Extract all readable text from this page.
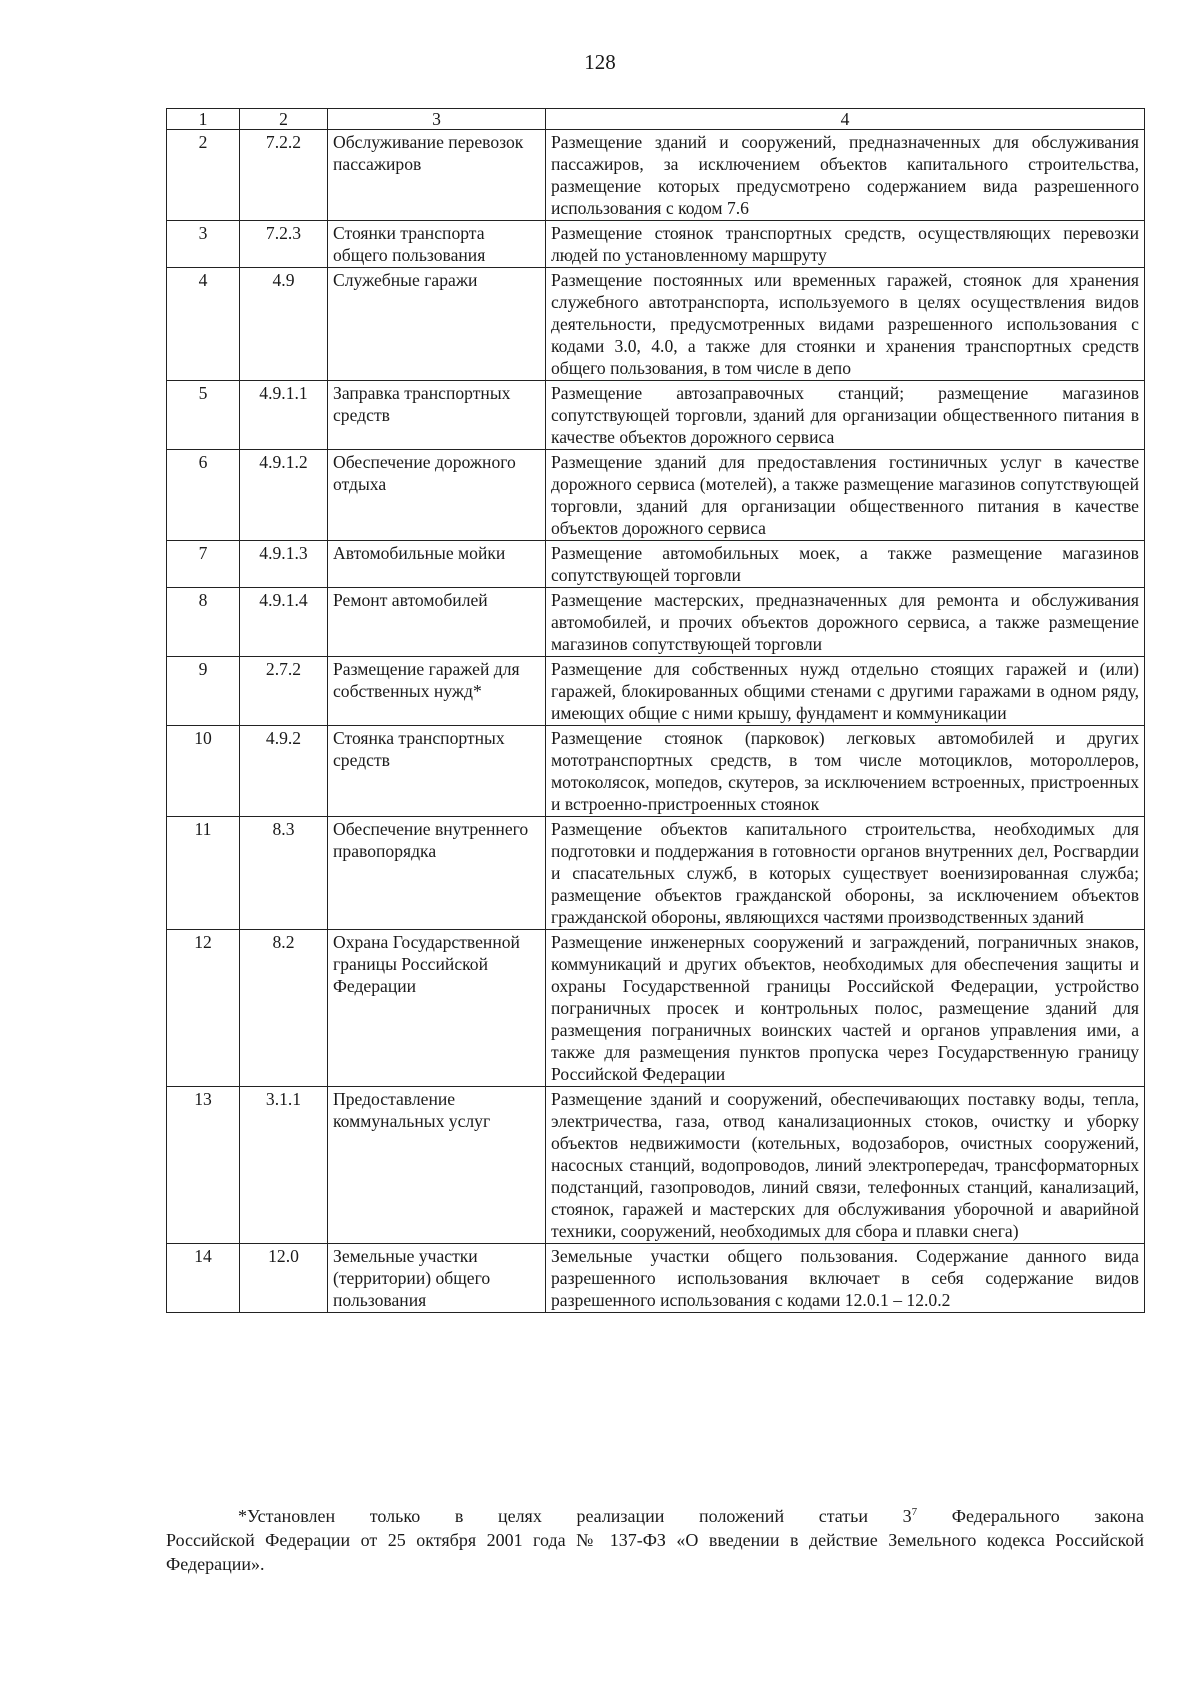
128
1	2	3	4
2	7.2.2	Обслуживание перевозок пассажиров	Размещение зданий и сооружений, предназначенных для обслуживания пассажиров, за исключением объектов капитального строительства, размещение которых предусмотрено содержанием вида разрешенного использования с кодом 7.6
3	7.2.3	Стоянки транспорта общего пользования	Размещение стоянок транспортных средств, осуществляющих перевозки людей по установленному маршруту
4	4.9	Служебные гаражи	Размещение постоянных или временных гаражей, стоянок для хранения служебного автотранспорта, используемого в целях осуществления видов деятельности, предусмотренных видами разрешенного использования с кодами 3.0, 4.0, а также для стоянки и хранения транспортных средств общего пользования, в том числе в депо
5	4.9.1.1	Заправка транспортных средств	Размещение автозаправочных станций; размещение магазинов сопутствующей торговли, зданий для организации общественного питания в качестве объектов дорожного сервиса
6	4.9.1.2	Обеспечение дорожного отдыха	Размещение зданий для предоставления гостиничных услуг в качестве дорожного сервиса (мотелей), а также размещение магазинов сопутствующей торговли, зданий для организации общественного питания в качестве объектов дорожного сервиса
7	4.9.1.3	Автомобильные мойки	Размещение автомобильных моек, а также размещение магазинов сопутствующей торговли
8	4.9.1.4	Ремонт автомобилей	Размещение мастерских, предназначенных для ремонта и обслуживания автомобилей, и прочих объектов дорожного сервиса, а также размещение магазинов сопутствующей торговли
9	2.7.2	Размещение гаражей для собственных нужд*	Размещение для собственных нужд отдельно стоящих гаражей и (или) гаражей, блокированных общими стенами с другими гаражами в одном ряду, имеющих общие с ними крышу, фундамент и коммуникации
10	4.9.2	Стоянка транспортных средств	Размещение стоянок (парковок) легковых автомобилей и других мототранспортных средств, в том числе мотоциклов, мотороллеров, мотоколясок, мопедов, скутеров, за исключением встроенных, пристроенных и встроенно-пристроенных стоянок
11	8.3	Обеспечение внутреннего правопорядка	Размещение объектов капитального строительства, необходимых для подготовки и поддержания в готовности органов внутренних дел, Росгвардии и спасательных служб, в которых существует военизированная служба; размещение объектов гражданской обороны, за исключением объектов гражданской обороны, являющихся частями производственных зданий
12	8.2	Охрана Государственной границы Российской Федерации	Размещение инженерных сооружений и заграждений, пограничных знаков, коммуникаций и других объектов, необходимых для обеспечения защиты и охраны Государственной границы Российской Федерации, устройство пограничных просек и контрольных полос, размещение зданий для размещения пограничных воинских частей и органов управления ими, а также для размещения пунктов пропуска через Государственную границу Российской Федерации
13	3.1.1	Предоставление коммунальных услуг	Размещение зданий и сооружений, обеспечивающих поставку воды, тепла, электричества, газа, отвод канализационных стоков, очистку и уборку объектов недвижимости (котельных, водозаборов, очистных сооружений, насосных станций, водопроводов, линий электропередач, трансформаторных подстанций, газопроводов, линий связи, телефонных станций, канализаций, стоянок, гаражей и мастерских для обслуживания уборочной и аварийной техники, сооружений, необходимых для сбора и плавки снега)
14	12.0	Земельные участки (территории) общего пользования	Земельные участки общего пользования. Содержание данного вида разрешенного использования включает в себя содержание видов разрешенного использования с кодами 12.0.1 – 12.0.2
*Установлен только в целях реализации положений статьи $3^7$ Федерального закона
Российской Федерации от 25 октября 2001 года № 137-ФЗ «О введении в действие Земельного кодекса Российской Федерации».
